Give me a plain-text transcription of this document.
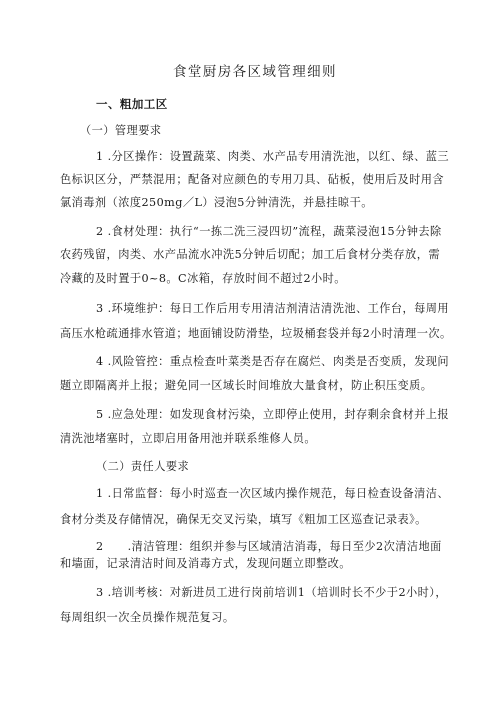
食堂厨房各区域管理细则

一、粗加工区

（一）管理要求

1 .分区操作：设置蔬菜、肉类、水产品专用清洗池，以红、绿、蓝三

色标识区分，严禁混用；配备对应颜色的专用刀具、砧板，使用后及时用含

氯消毒剂（浓度250mg／L）浸泡5分钟清洗，并悬挂晾干。

2 .食材处理：执行“一拣二洗三浸四切”流程，蔬菜浸泡15分钟去除

农药残留，肉类、水产品流水冲洗5分钟后切配；加工后食材分类存放，需

冷藏的及时置于0~8。C冰箱，存放时间不超过2小时。

3 .环境维护：每日工作后用专用清洁剂清洁清洗池、工作台，每周用

高压水枪疏通排水管道；地面铺设防滑垫，垃圾桶套袋并每2小时清理一次。

4 .风险管控：重点检查叶菜类是否存在腐烂、肉类是否变质，发现问

题立即隔离并上报；避免同一区域长时间堆放大量食材，防止积压变质。

5 .应急处理：如发现食材污染，立即停止使用，封存剩余食材并上报

清洗池堵塞时，立即启用备用池并联系维修人员。

（二）责任人要求

1 .日常监督：每小时巡查一次区域内操作规范，每日检查设备清洁、

食材分类及存储情况，确保无交叉污染，填写《粗加工区巡查记录表》。

2      .清洁管理：组织并参与区域清洁消毒，每日至少2次清洁地面

和墙面，记录清洁时间及消毒方式，发现问题立即整改。

3 .培训考核：对新进员工进行岗前培训1（培训时长不少于2小时），

每周组织一次全员操作规范复习。
